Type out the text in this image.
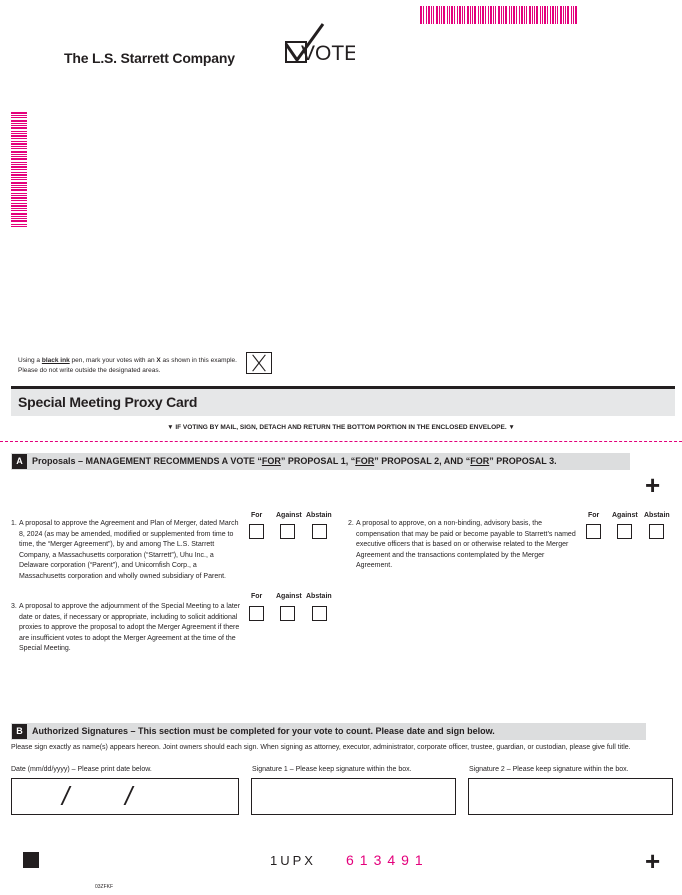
The L.S. Starrett Company	VOTE
Using a black ink pen, mark your votes with an X as shown in this example.
Please do not write outside the designated areas.
Special Meeting Proxy Card
▼ IF VOTING BY MAIL, SIGN, DETACH AND RETURN THE BOTTOM PORTION IN THE ENCLOSED ENVELOPE. ▼
A	Proposals – MANAGEMENT RECOMMENDS A VOTE “FOR” PROPOSAL 1, “FOR” PROPOSAL 2, AND “FOR” PROPOSAL 3.
+
For Against Abstain
1. A proposal to approve the Agreement and Plan of Merger, dated March 8, 2024 (as may be amended, modified or supplemented from time to time, the “Merger Agreement”), by and among The L.S. Starrett Company, a Massachusetts corporation (“Starrett”), Uhu Inc., a Delaware corporation (“Parent”), and Unicornfish Corp., a Massachusetts corporation and wholly owned subsidiary of Parent.
For Against Abstain
2. A proposal to approve, on a non-binding, advisory basis, the compensation that may be paid or become payable to Starrett’s named executive officers that is based on or otherwise related to the Merger Agreement and the transactions contemplated by the Merger Agreement.
For Against Abstain
3. A proposal to approve the adjournment of the Special Meeting to a later date or dates, if necessary or appropriate, including to solicit additional proxies to approve the proposal to adopt the Merger Agreement if there are insufficient votes to adopt the Merger Agreement at the time of the Special Meeting.
B	Authorized Signatures – This section must be completed for your vote to count. Please date and sign below.
Please sign exactly as name(s) appears hereon. Joint owners should each sign. When signing as attorney, executor, administrator, corporate officer, trustee, guardian, or custodian, please give full title.
Date (mm/dd/yyyy) – Please print date below.	Signature 1 – Please keep signature within the box.	Signature 2 – Please keep signature within the box.
/ /
1UPX 613491	+
03ZFKF
